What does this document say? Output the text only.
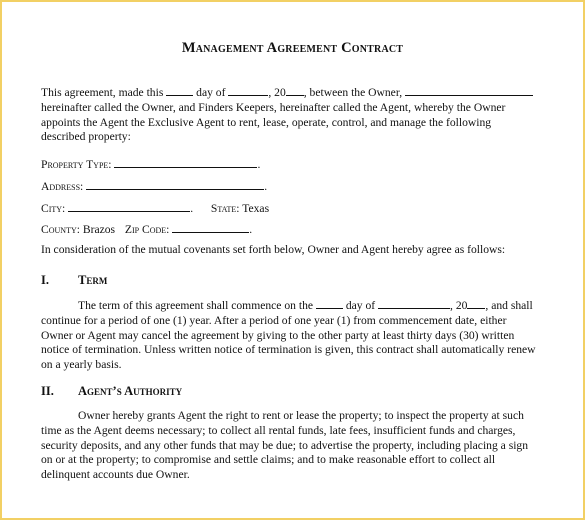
Management Agreement Contract
This agreement, made this	day of	, 20 , between the Owner,
hereinafter called the Owner, and Finders Keepers, hereinafter called the Agent, whereby the Owner
appoints the Agent the Exclusive Agent to rent, lease, operate, control, and manage the following
described property:
Property Type:	.
Address:	.
City:	. State: Texas
County: Brazos Zip Code:	.
In consideration of the mutual covenants set forth below, Owner and Agent hereby agree as follows:
I. Term
The term of this agreement shall commence on the	day of	, 20 , and shall
continue for a period of one (1) year. After a period of one year (1) from commencement date, either
Owner or Agent may cancel the agreement by giving to the other party at least thirty days (30) written
notice of termination. Unless written notice of termination is given, this contract shall automatically renew
on a yearly basis.
II. Agent’s Authority
Owner hereby grants Agent the right to rent or lease the property; to inspect the property at such
time as the Agent deems necessary; to collect all rental funds, late fees, insufficient funds and charges,
security deposits, and any other funds that may be due; to advertise the property, including placing a sign
on or at the property; to compromise and settle claims; and to make reasonable effort to collect all
delinquent accounts due Owner.
